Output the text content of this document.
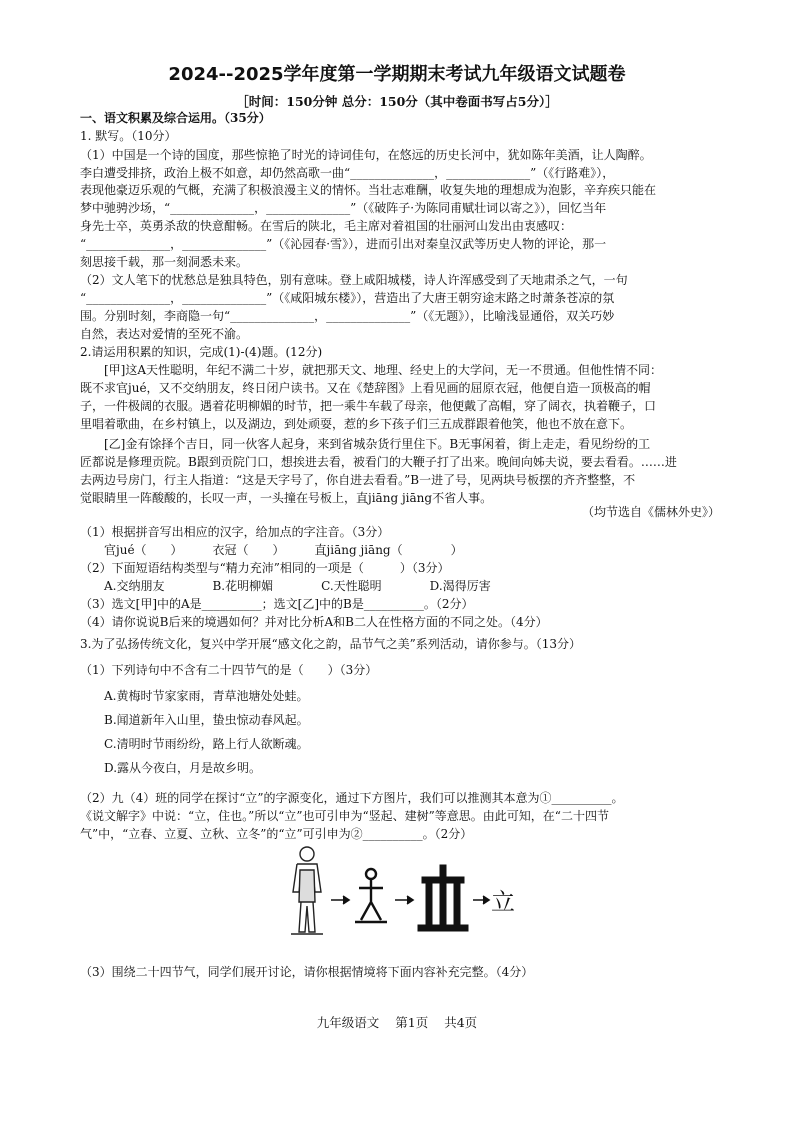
2024--2025学年度第一学期期末考试九年级语文试题卷
［时间：150分钟 总分：150分（其中卷面书写占5分）］
一、语文积累及综合运用。（35分）
1. 默写。（10分）
（1）中国是一个诗的国度，那些惊艳了时光的诗词佳句，在悠远的历史长河中，犹如陈年美酒，让人陶醉。
李白遭受排挤，政治上极不如意，却仍然高歌一曲“______________，______________”（《行路难》），
表现他豪迈乐观的气概，充满了积极浪漫主义的情怀。当壮志难酬，收复失地的理想成为泡影，辛弃疾只能在
梦中驰骋沙场，“______________，______________”（《破阵子·为陈同甫赋壮词以寄之》），回忆当年
身先士卒，英勇杀敌的快意酣畅。在雪后的陕北，毛主席对着祖国的壮丽河山发出由衷感叹：
“______________，______________”（《沁园春·雪》），进而引出对秦皇汉武等历史人物的评论，那一
刻思接千载，那一刻洞悉未来。
（2）文人笔下的忧愁总是独具特色，别有意味。登上咸阳城楼，诗人许浑感受到了天地肃杀之气，一句
“______________，______________”（《咸阳城东楼》），营造出了大唐王朝穷途末路之时萧条苍凉的氛
围。分别时刻，李商隐一句“______________，______________”（《无题》），比喻浅显通俗，双关巧妙
自然，表达对爱情的至死不渝。
2.请运用积累的知识，完成(1)-(4)题。(12分)
　　[甲]这A天性聪明，年纪不满二十岁，就把那天文、地理、经史上的大学问，无一不贯通。但他性情不同：
既不求官jué，又不交纳朋友，终日闭户读书。又在《楚辞图》上看见画的屈原衣冠，他便自造一顶极高的帽
子，一件极阔的衣服。遇着花明柳媚的时节，把一乘牛车载了母亲，他便戴了高帽，穿了阔衣，执着鞭子，口
里唱着歌曲，在乡村镇上，以及湖边，到处顽耍，惹的乡下孩子们三五成群跟着他笑，他也不放在意下。
　　[乙]金有馀择个吉日，同一伙客人起身，来到省城杂货行里住下。B无事闲着，街上走走，看见纷纷的工
匠都说是修理贡院。B跟到贡院门口，想挨进去看，被看门的大鞭子打了出来。晚间向姊夫说，要去看看。……进
去两边号房门，行主人指道：“这是天字号了，你自进去看看。”B一进了号，见两块号板摆的齐齐整整，不
觉眼睛里一阵酸酸的，长叹一声，一头撞在号板上，直jiāng jiāng不省人事。
（均节选自《儒林外史》）
（1）根据拼音写出相应的汉字，给加点的字注音。（3分）
　　官jué（　　）　　　衣冠（　　）　　　直jiāng jiāng（　　　　）
（2）下面短语结构类型与“精力充沛”相同的一项是（　　　）（3分）
　　A.交纳朋友　　　　B.花明柳媚　　　　C.天性聪明　　　　D.渴得厉害
（3）选文[甲]中的A是__________；选文[乙]中的B是__________。（2分）
（4）请你说说B后来的境遇如何？并对比分析A和B二人在性格方面的不同之处。（4分）
3.为了弘扬传统文化，复兴中学开展“感文化之韵，品节气之美”系列活动，请你参与。（13分）
（1）下列诗句中不含有二十四节气的是（　　）（3分）
　　A.黄梅时节家家雨，青草池塘处处蛙。
　　B.闻道新年入山里，蛰虫惊动春风起。
　　C.清明时节雨纷纷，路上行人欲断魂。
　　D.露从今夜白，月是故乡明。
（2）九（4）班的同学在探讨“立”的字源变化，通过下方图片，我们可以推测其本意为①__________。
《说文解字》中说：“立，住也。”所以“立”也可引申为“竖起、建树”等意思。由此可知，在“二十四节
气”中，“立春、立夏、立秋、立冬”的“立”可引申为②__________。（2分）
（3）围绕二十四节气，同学们展开讨论，请你根据情境将下面内容补充完整。（4分）
立
九年级语文 第1页 共4页
